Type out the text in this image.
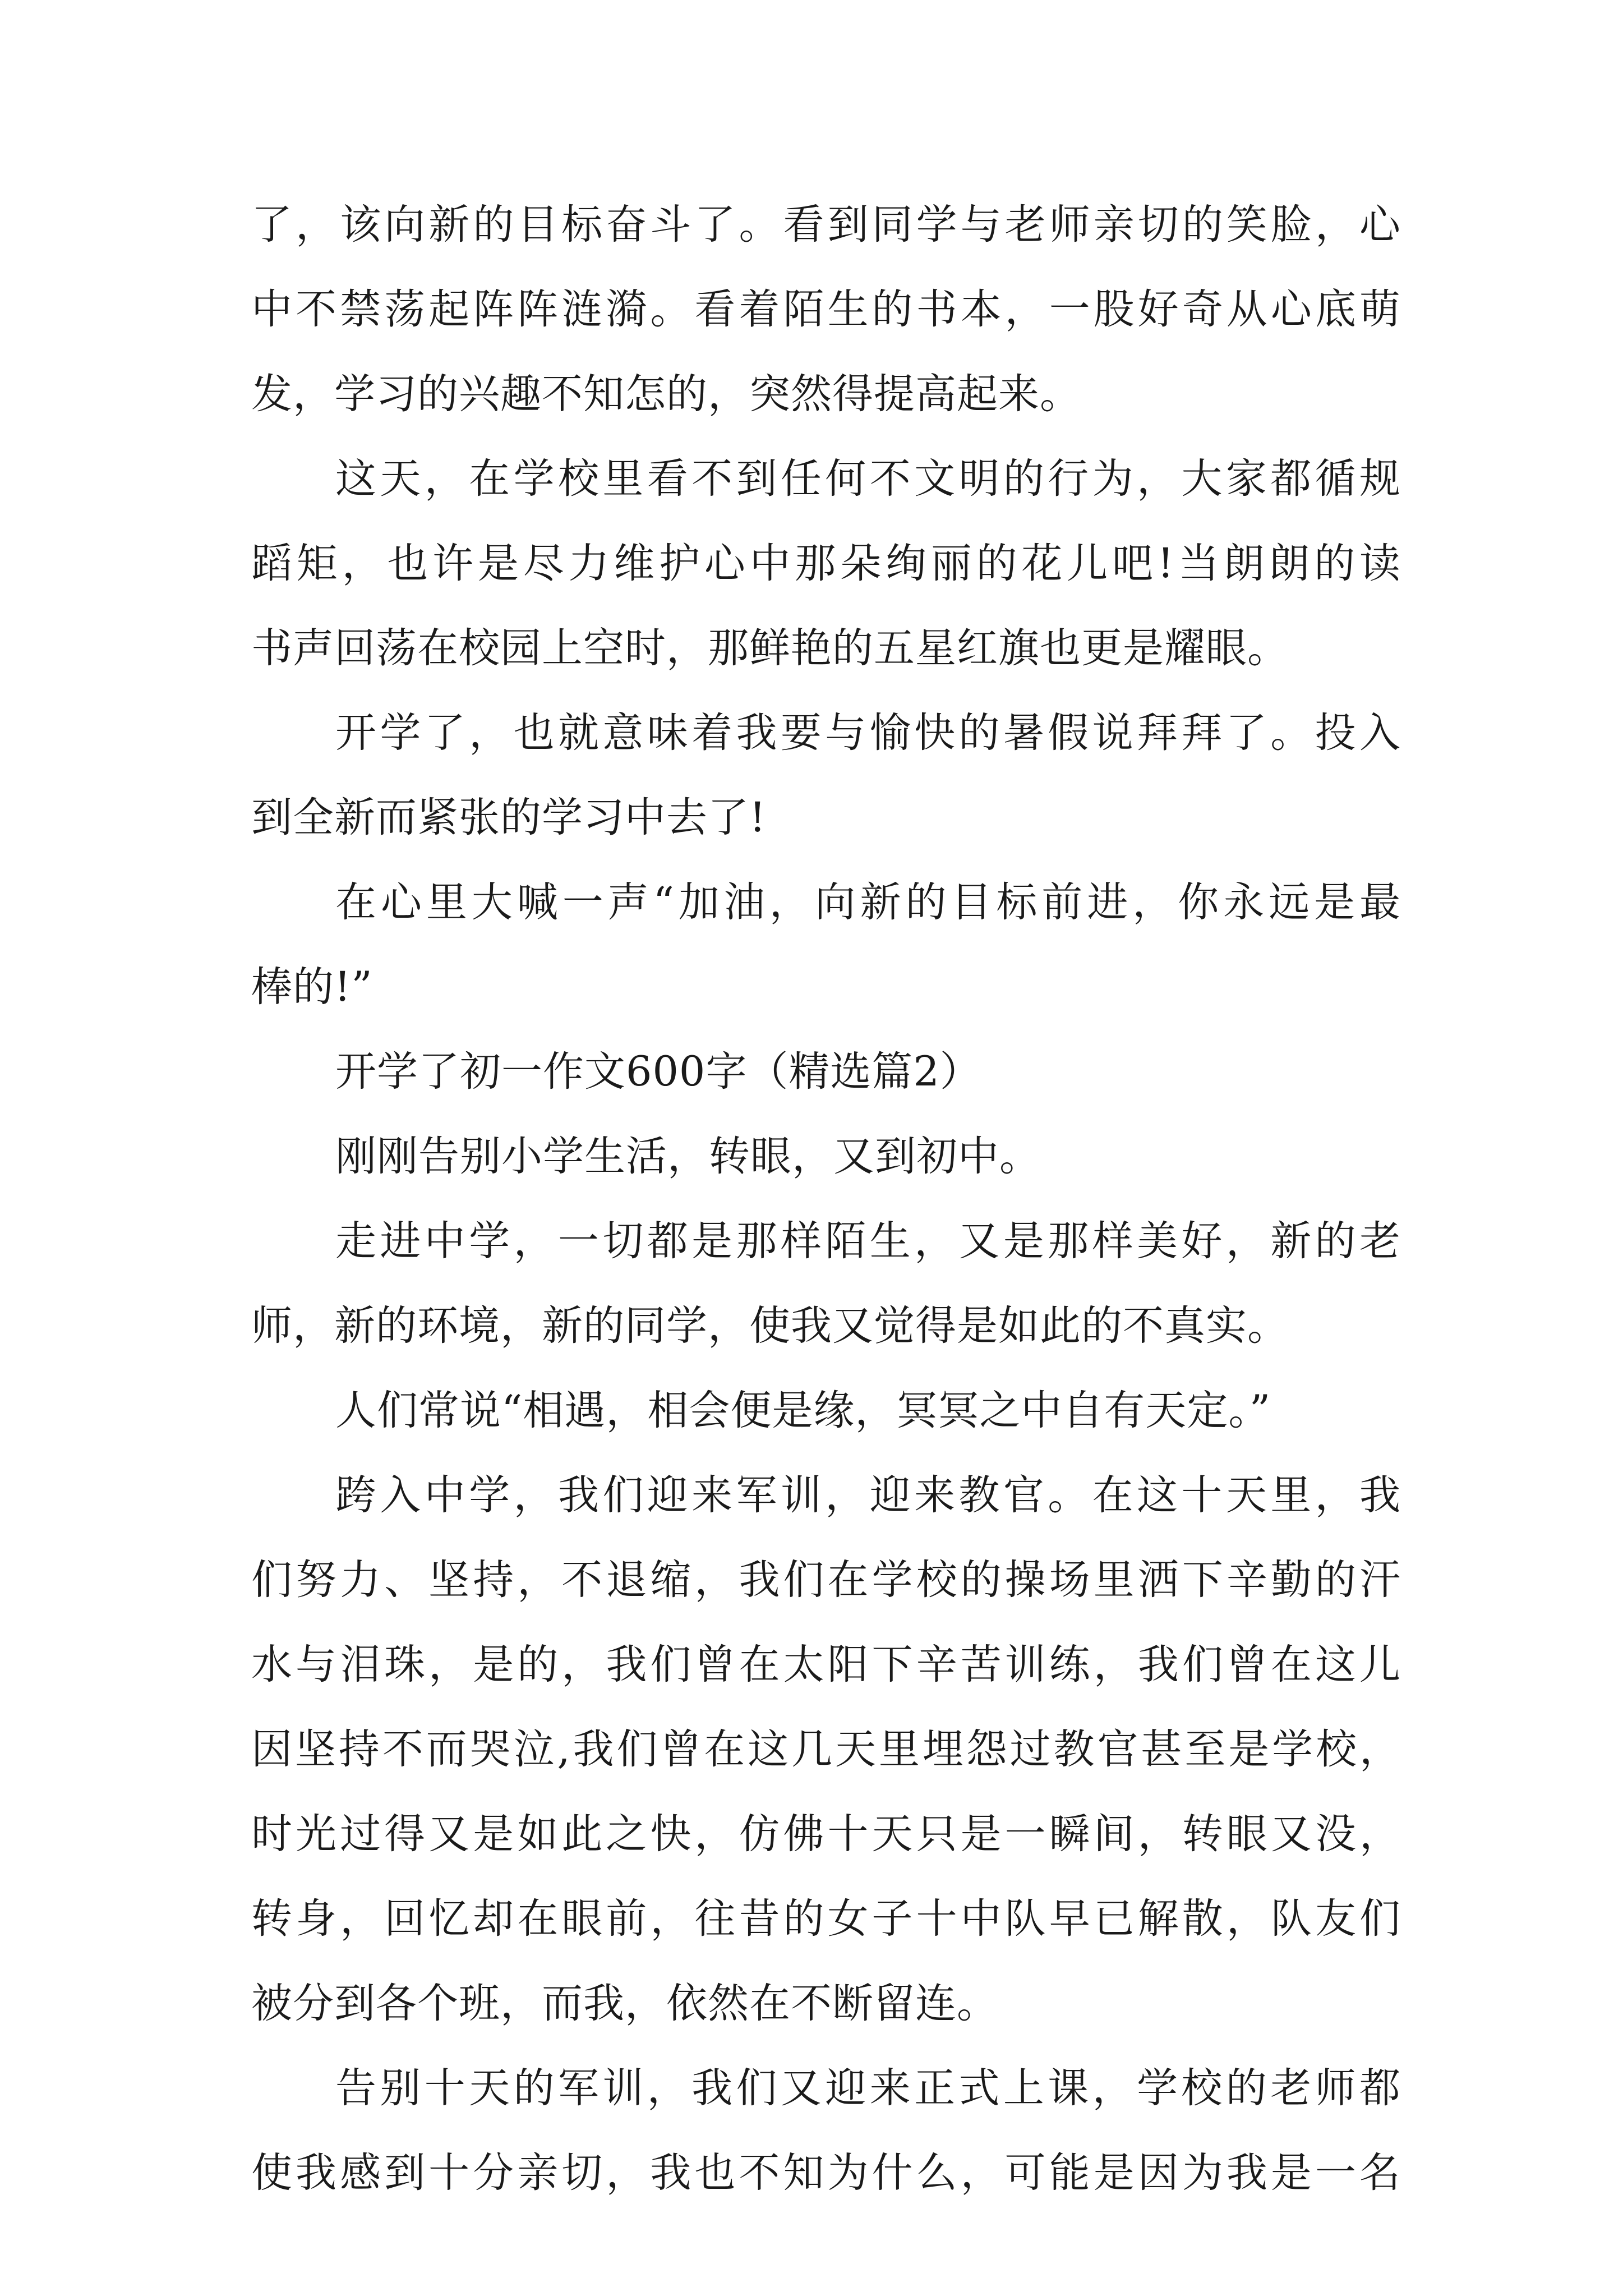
了，该向新的目标奋斗了。看到同学与老师亲切的笑脸，心
中不禁荡起阵阵涟漪。看着陌生的书本，一股好奇从心底萌
发，学习的兴趣不知怎的，突然得提高起来。
这天，在学校里看不到任何不文明的行为，大家都循规
蹈矩，也许是尽力维护心中那朵绚丽的花儿吧!当朗朗的读
书声回荡在校园上空时，那鲜艳的五星红旗也更是耀眼。
开学了，也就意味着我要与愉快的暑假说拜拜了。投入
到全新而紧张的学习中去了!
在心里大喊一声“加油，向新的目标前进，你永远是最
棒的!”
开学了初一作文600字（精选篇2）
刚刚告别小学生活，转眼，又到初中。
走进中学，一切都是那样陌生，又是那样美好，新的老
师，新的环境，新的同学，使我又觉得是如此的不真实。
人们常说“相遇，相会便是缘，冥冥之中自有天定。”
跨入中学，我们迎来军训，迎来教官。在这十天里，我
们努力、坚持，不退缩，我们在学校的操场里洒下辛勤的汗
水与泪珠，是的，我们曾在太阳下辛苦训练，我们曾在这儿
因坚持不而哭泣,我们曾在这几天里埋怨过教官甚至是学校，
时光过得又是如此之快，仿佛十天只是一瞬间，转眼又没，
转身，回忆却在眼前，往昔的女子十中队早已解散，队友们
被分到各个班，而我，依然在不断留连。
告别十天的军训，我们又迎来正式上课，学校的老师都
使我感到十分亲切，我也不知为什么，可能是因为我是一名
